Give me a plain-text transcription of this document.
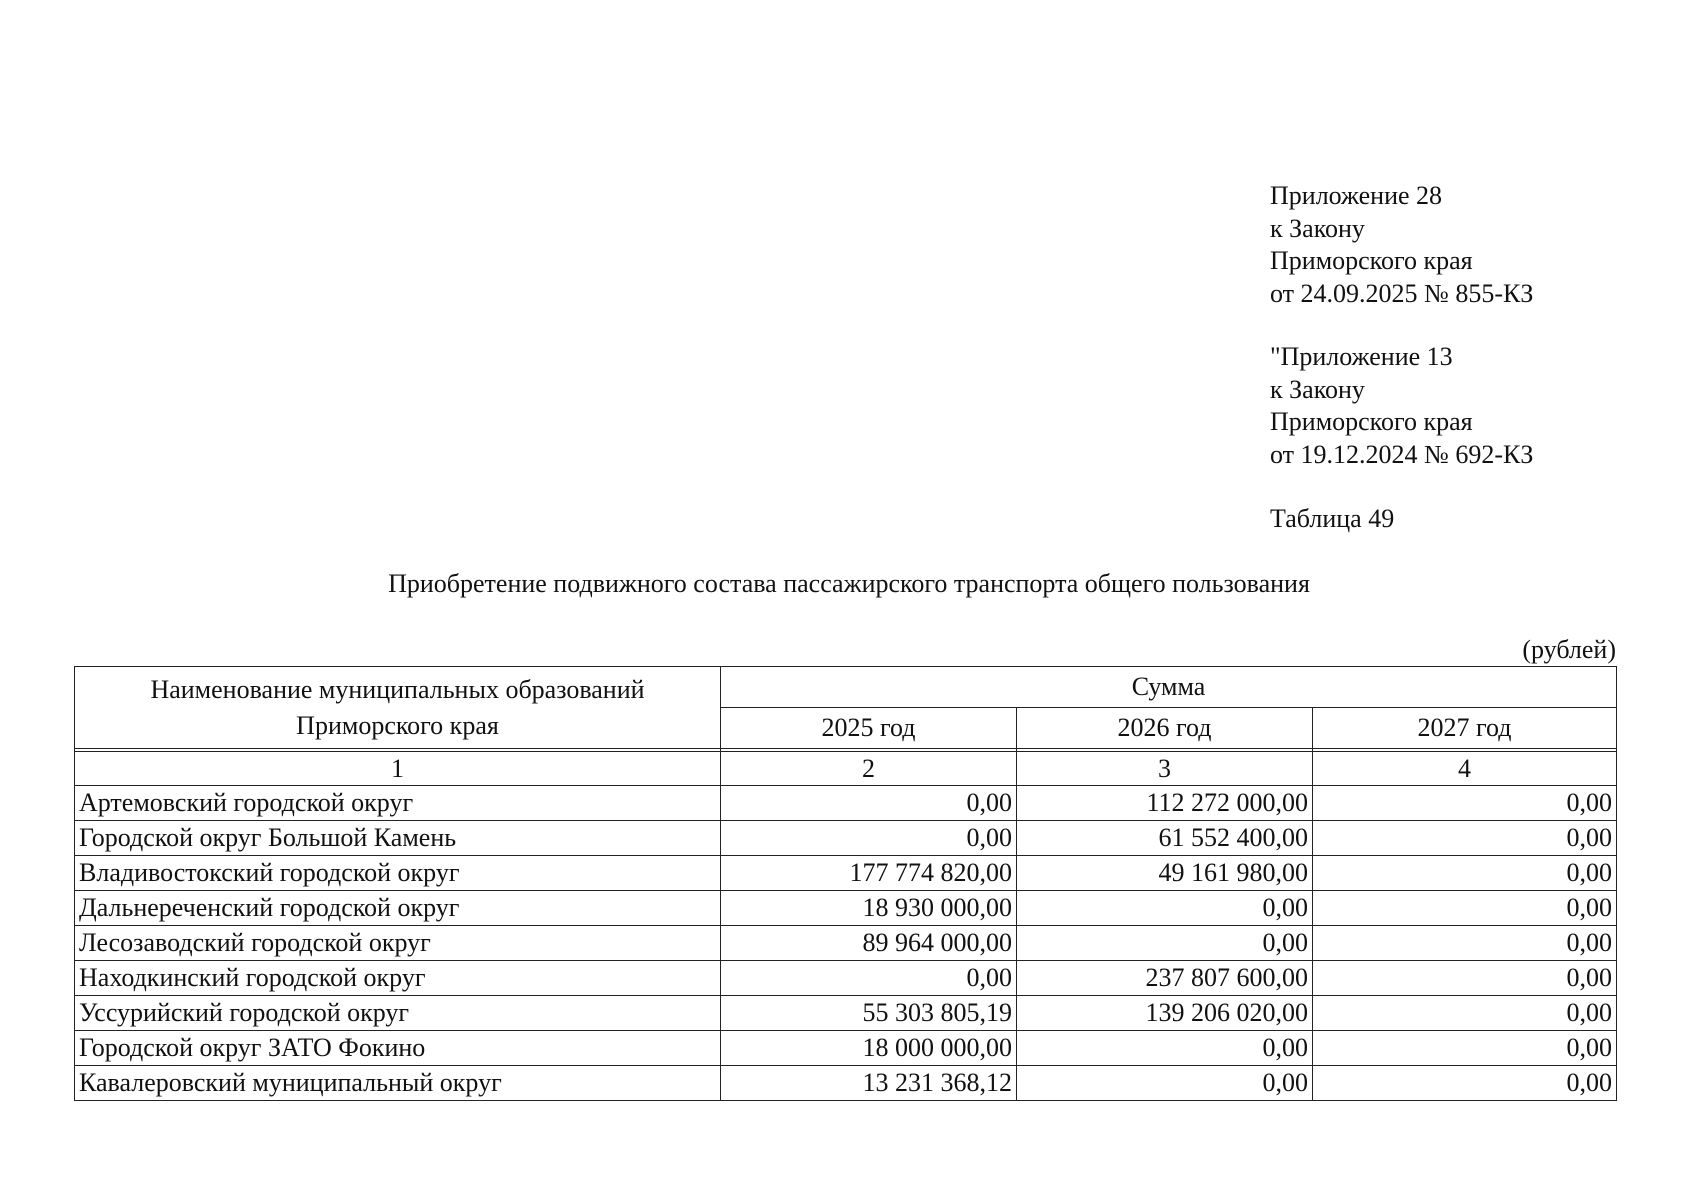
Приложение 28
к Закону
Приморского края
от 24.09.2025 № 855-КЗ
"Приложение 13
к Закону
Приморского края
от 19.12.2024 № 692-КЗ
Таблица 49
Приобретение подвижного состава пассажирского транспорта общего пользования
(рублей)
Наименование муниципальных образований
Приморского края	Сумма		
	2025 год	2026 год	2027 год

1	2	3	4
Артемовский городской округ	0,00	112 272 000,00	0,00
Городской округ Большой Камень	0,00	61 552 400,00	0,00
Владивостокский городской округ	177 774 820,00	49 161 980,00	0,00
Дальнереченский городской округ	18 930 000,00	0,00	0,00
Лесозаводский городской округ	89 964 000,00	0,00	0,00
Находкинский городской округ	0,00	237 807 600,00	0,00
Уссурийский городской округ	55 303 805,19	139 206 020,00	0,00
Городской округ ЗАТО Фокино	18 000 000,00	0,00	0,00
Кавалеровский муниципальный округ	13 231 368,12	0,00	0,00
